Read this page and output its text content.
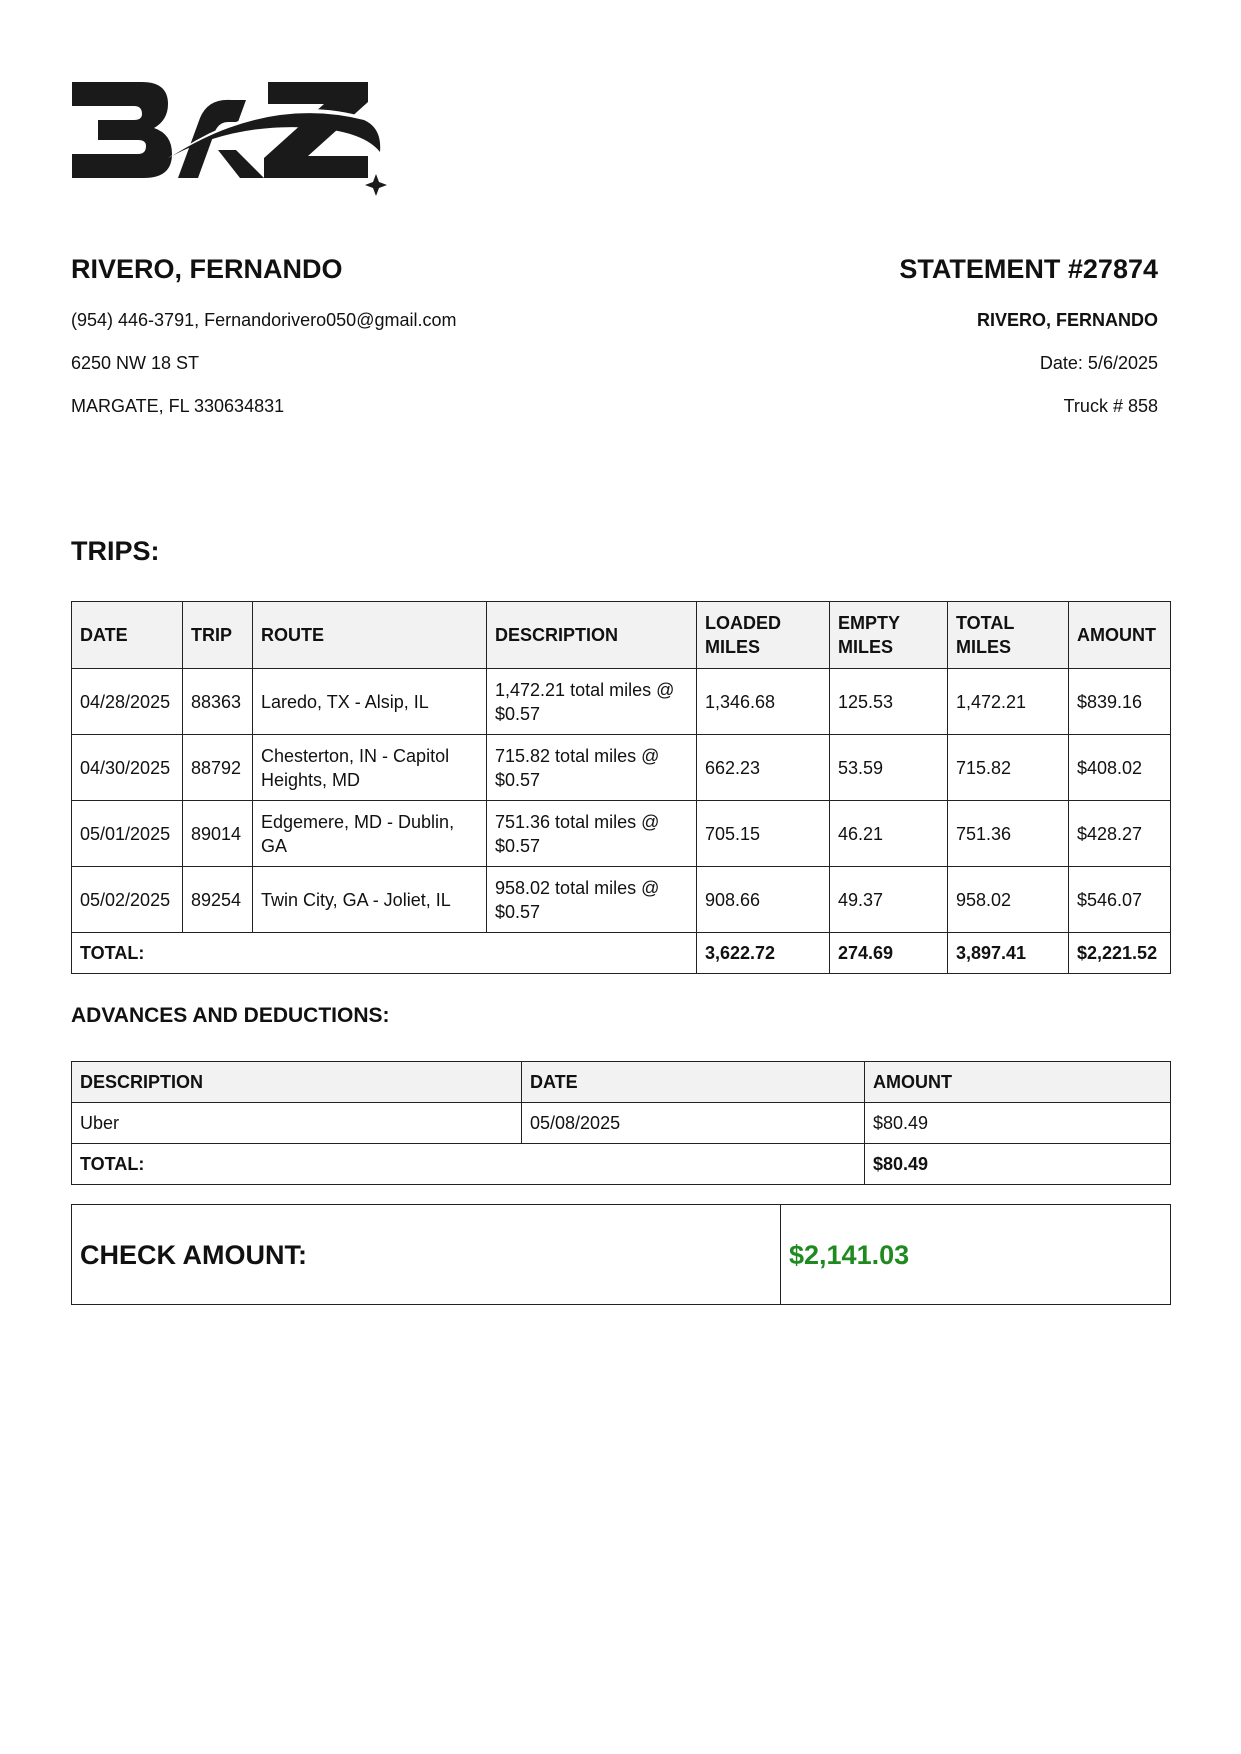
RIVERO, FERNANDO
(954) 446-3791, Fernandorivero050@gmail.com
6250 NW 18 ST
MARGATE, FL 330634831
STATEMENT #27874
RIVERO, FERNANDO
Date: 5/6/2025
Truck # 858
TRIPS:
DATE	TRIP	ROUTE	DESCRIPTION	LOADED MILES	EMPTY MILES	TOTAL MILES	AMOUNT
04/28/2025	88363	Laredo, TX - Alsip, IL	1,472.21 total miles @ $0.57	1,346.68	125.53	1,472.21	$839.16
04/30/2025	88792	Chesterton, IN - Capitol Heights, MD	715.82 total miles @ $0.57	662.23	53.59	715.82	$408.02
05/01/2025	89014	Edgemere, MD - Dublin, GA	751.36 total miles @ $0.57	705.15	46.21	751.36	$428.27
05/02/2025	89254	Twin City, GA - Joliet, IL	958.02 total miles @ $0.57	908.66	49.37	958.02	$546.07
TOTAL:				3,622.72	274.69	3,897.41	$2,221.52
ADVANCES AND DEDUCTIONS:
DESCRIPTION	DATE	AMOUNT
Uber	05/08/2025	$80.49
TOTAL:		$80.49
CHECK AMOUNT:	$2,141.03
